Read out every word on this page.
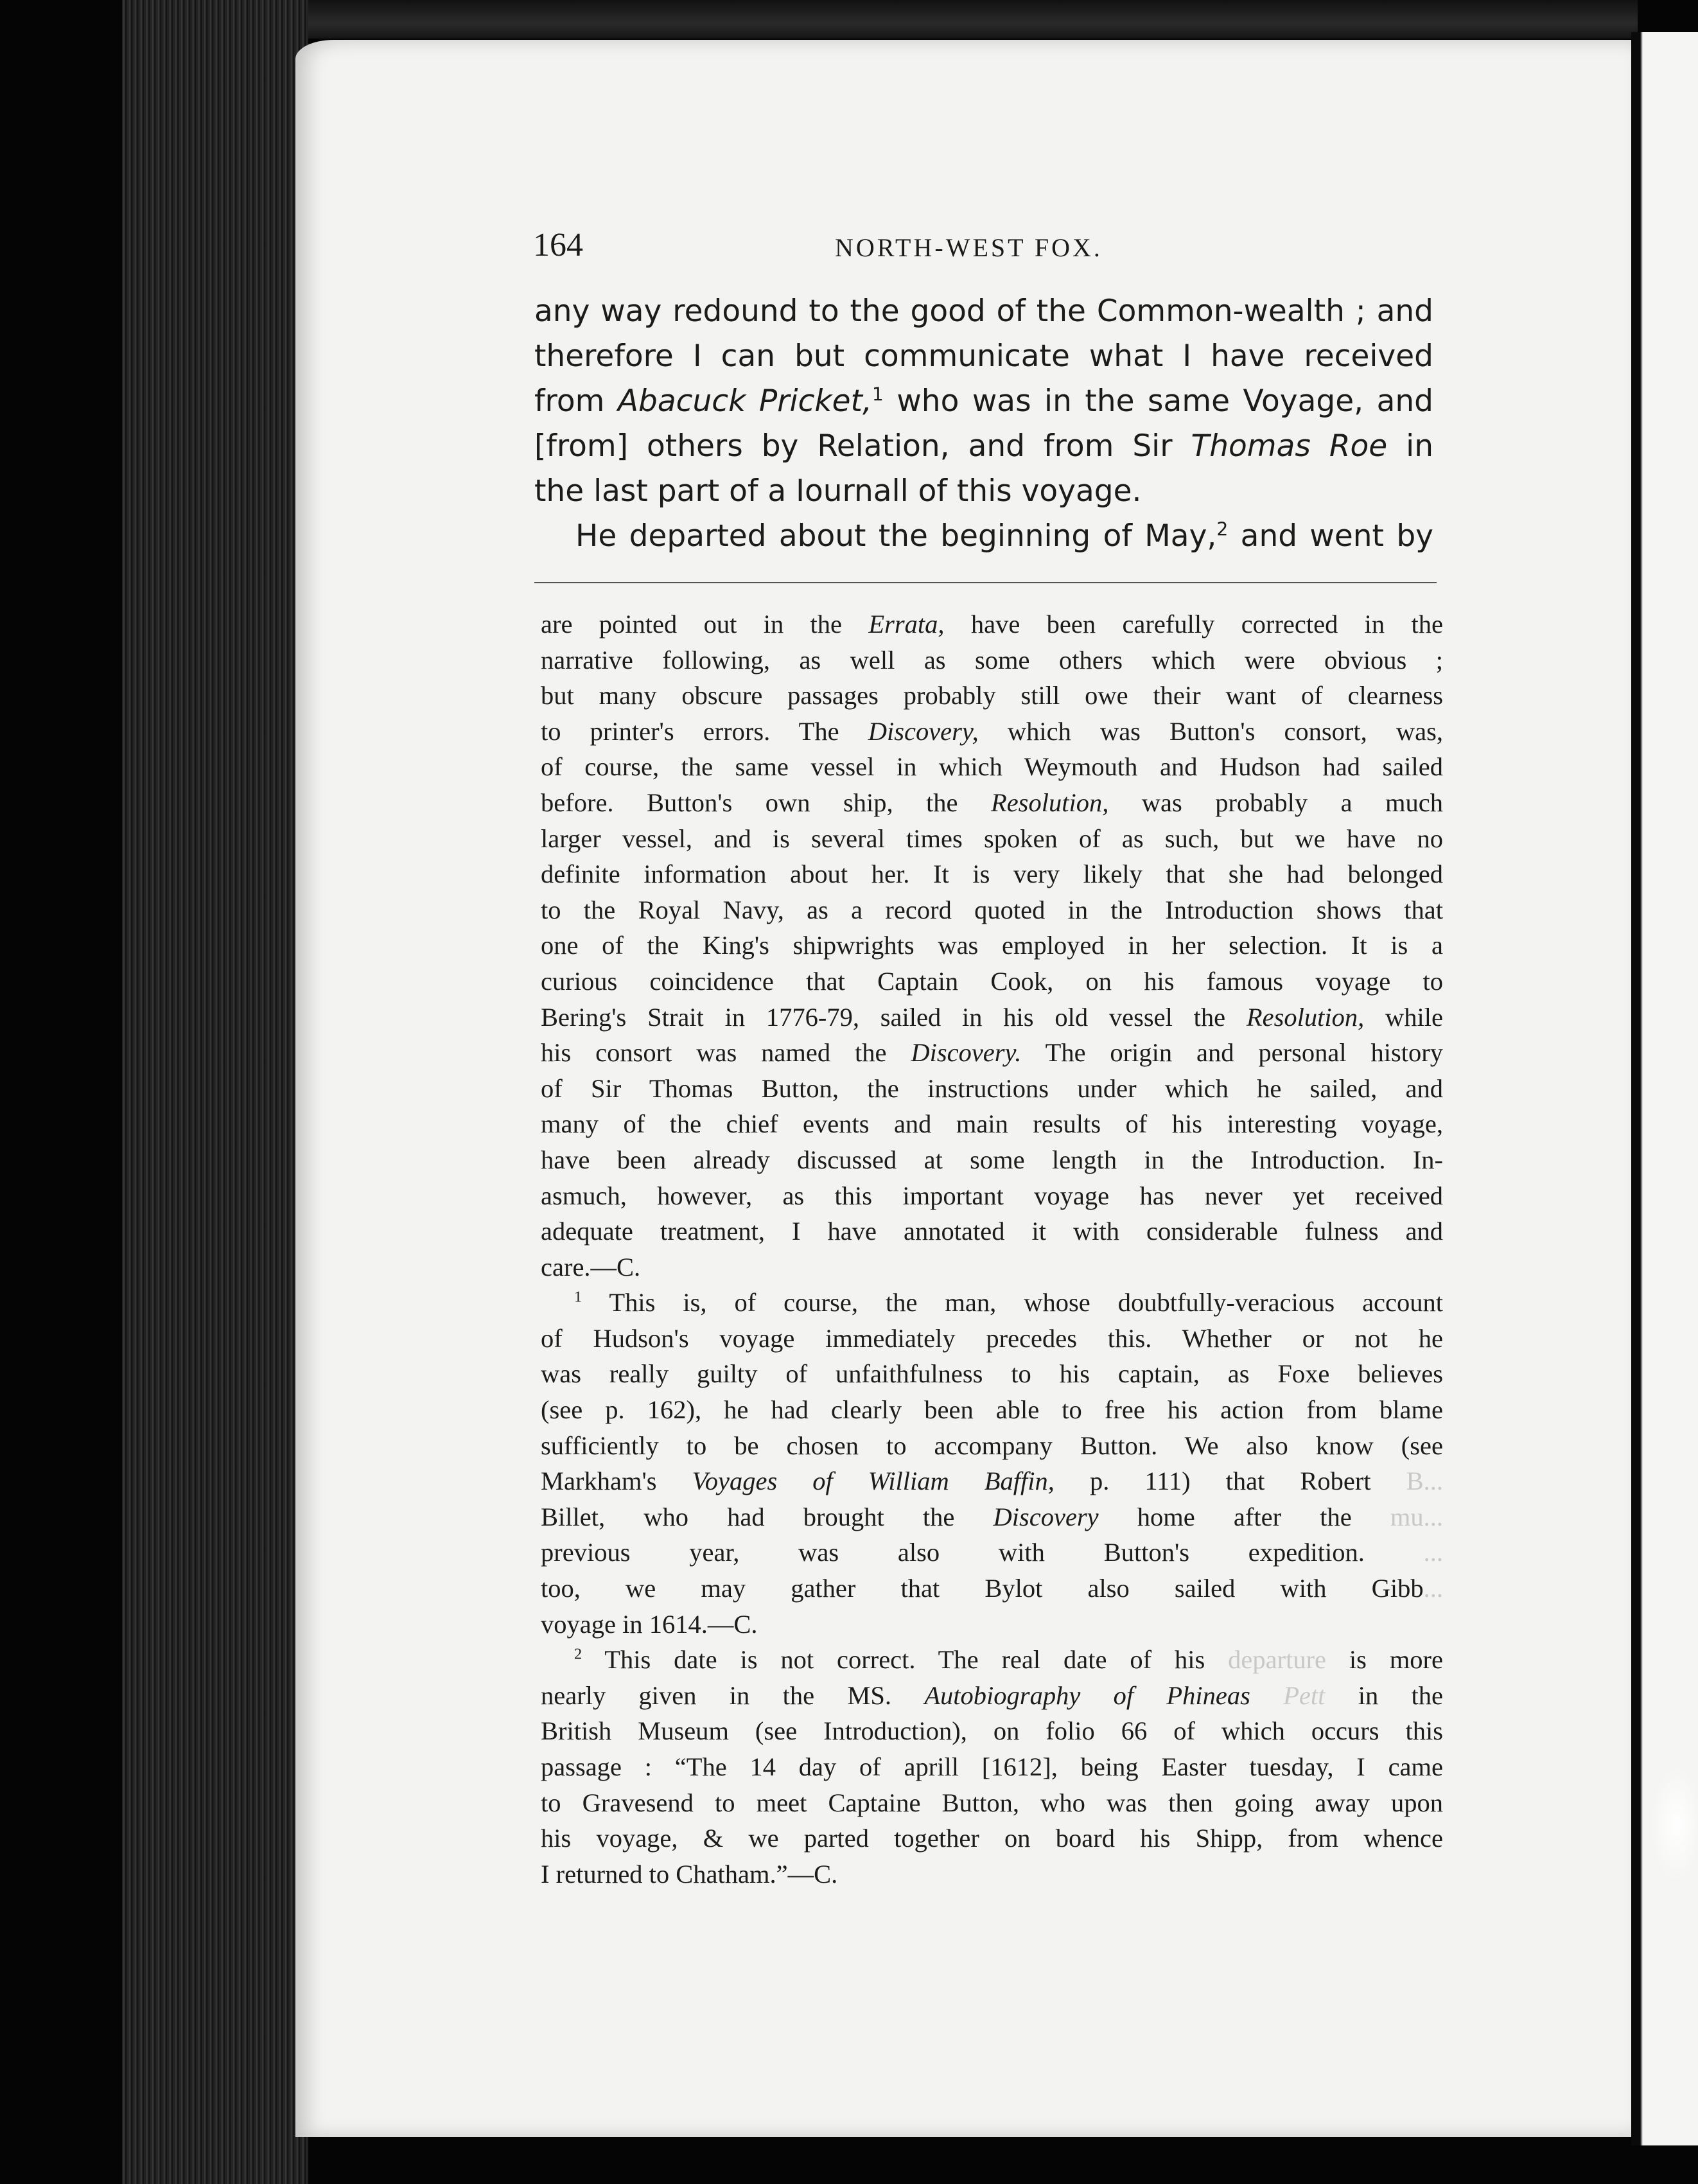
164	NORTH-WEST FOX.
any way redound to the good of the Common-wealth ; and
therefore I can but communicate what I have received
from Abacuck Pricket,$^1$ who was in the same Voyage, and
[from] others by Relation, and from Sir Thomas Roe in
the last part of a Iournall of this voyage.
He departed about the beginning of May,$^2$ and went by
are pointed out in the Errata, have been carefully corrected in the
narrative following, as well as some others which were obvious ;
but many obscure passages probably still owe their want of clearness
to printer's errors. The Discovery, which was Button's consort, was,
of course, the same vessel in which Weymouth and Hudson had sailed
before. Button's own ship, the Resolution, was probably a much
larger vessel, and is several times spoken of as such, but we have no
definite information about her. It is very likely that she had belonged
to the Royal Navy, as a record quoted in the Introduction shows that
one of the King's shipwrights was employed in her selection. It is a
curious coincidence that Captain Cook, on his famous voyage to
Bering's Strait in 1776-79, sailed in his old vessel the Resolution, while
his consort was named the Discovery. The origin and personal history
of Sir Thomas Button, the instructions under which he sailed, and
many of the chief events and main results of his interesting voyage,
have been already discussed at some length in the Introduction. In-
asmuch, however, as this important voyage has never yet received
adequate treatment, I have annotated it with considerable fulness and
care.—C.
$^1$ This is, of course, the man, whose doubtfully-veracious account
of Hudson's voyage immediately precedes this. Whether or not he
was really guilty of unfaithfulness to his captain, as Foxe believes
(see p. 162), he had clearly been able to free his action from blame
sufficiently to be chosen to accompany Button. We also know (see
Markham's Voyages of William Baffin, p. 111) that Robert B...
Billet, who had brought the Discovery home after the mu...
previous year, was also with Button's expedition. ...
too, we may gather that Bylot also sailed with Gibb...
voyage in 1614.—C.
$^2$ This date is not correct. The real date of his departure is more
nearly given in the MS. Autobiography of Phineas Pett in the
British Museum (see Introduction), on folio 66 of which occurs this
passage : “The 14 day of aprill [1612], being Easter tuesday, I came
to Gravesend to meet Captaine Button, who was then going away upon
his voyage, & we parted together on board his Shipp, from whence
I returned to Chatham.”—C.
